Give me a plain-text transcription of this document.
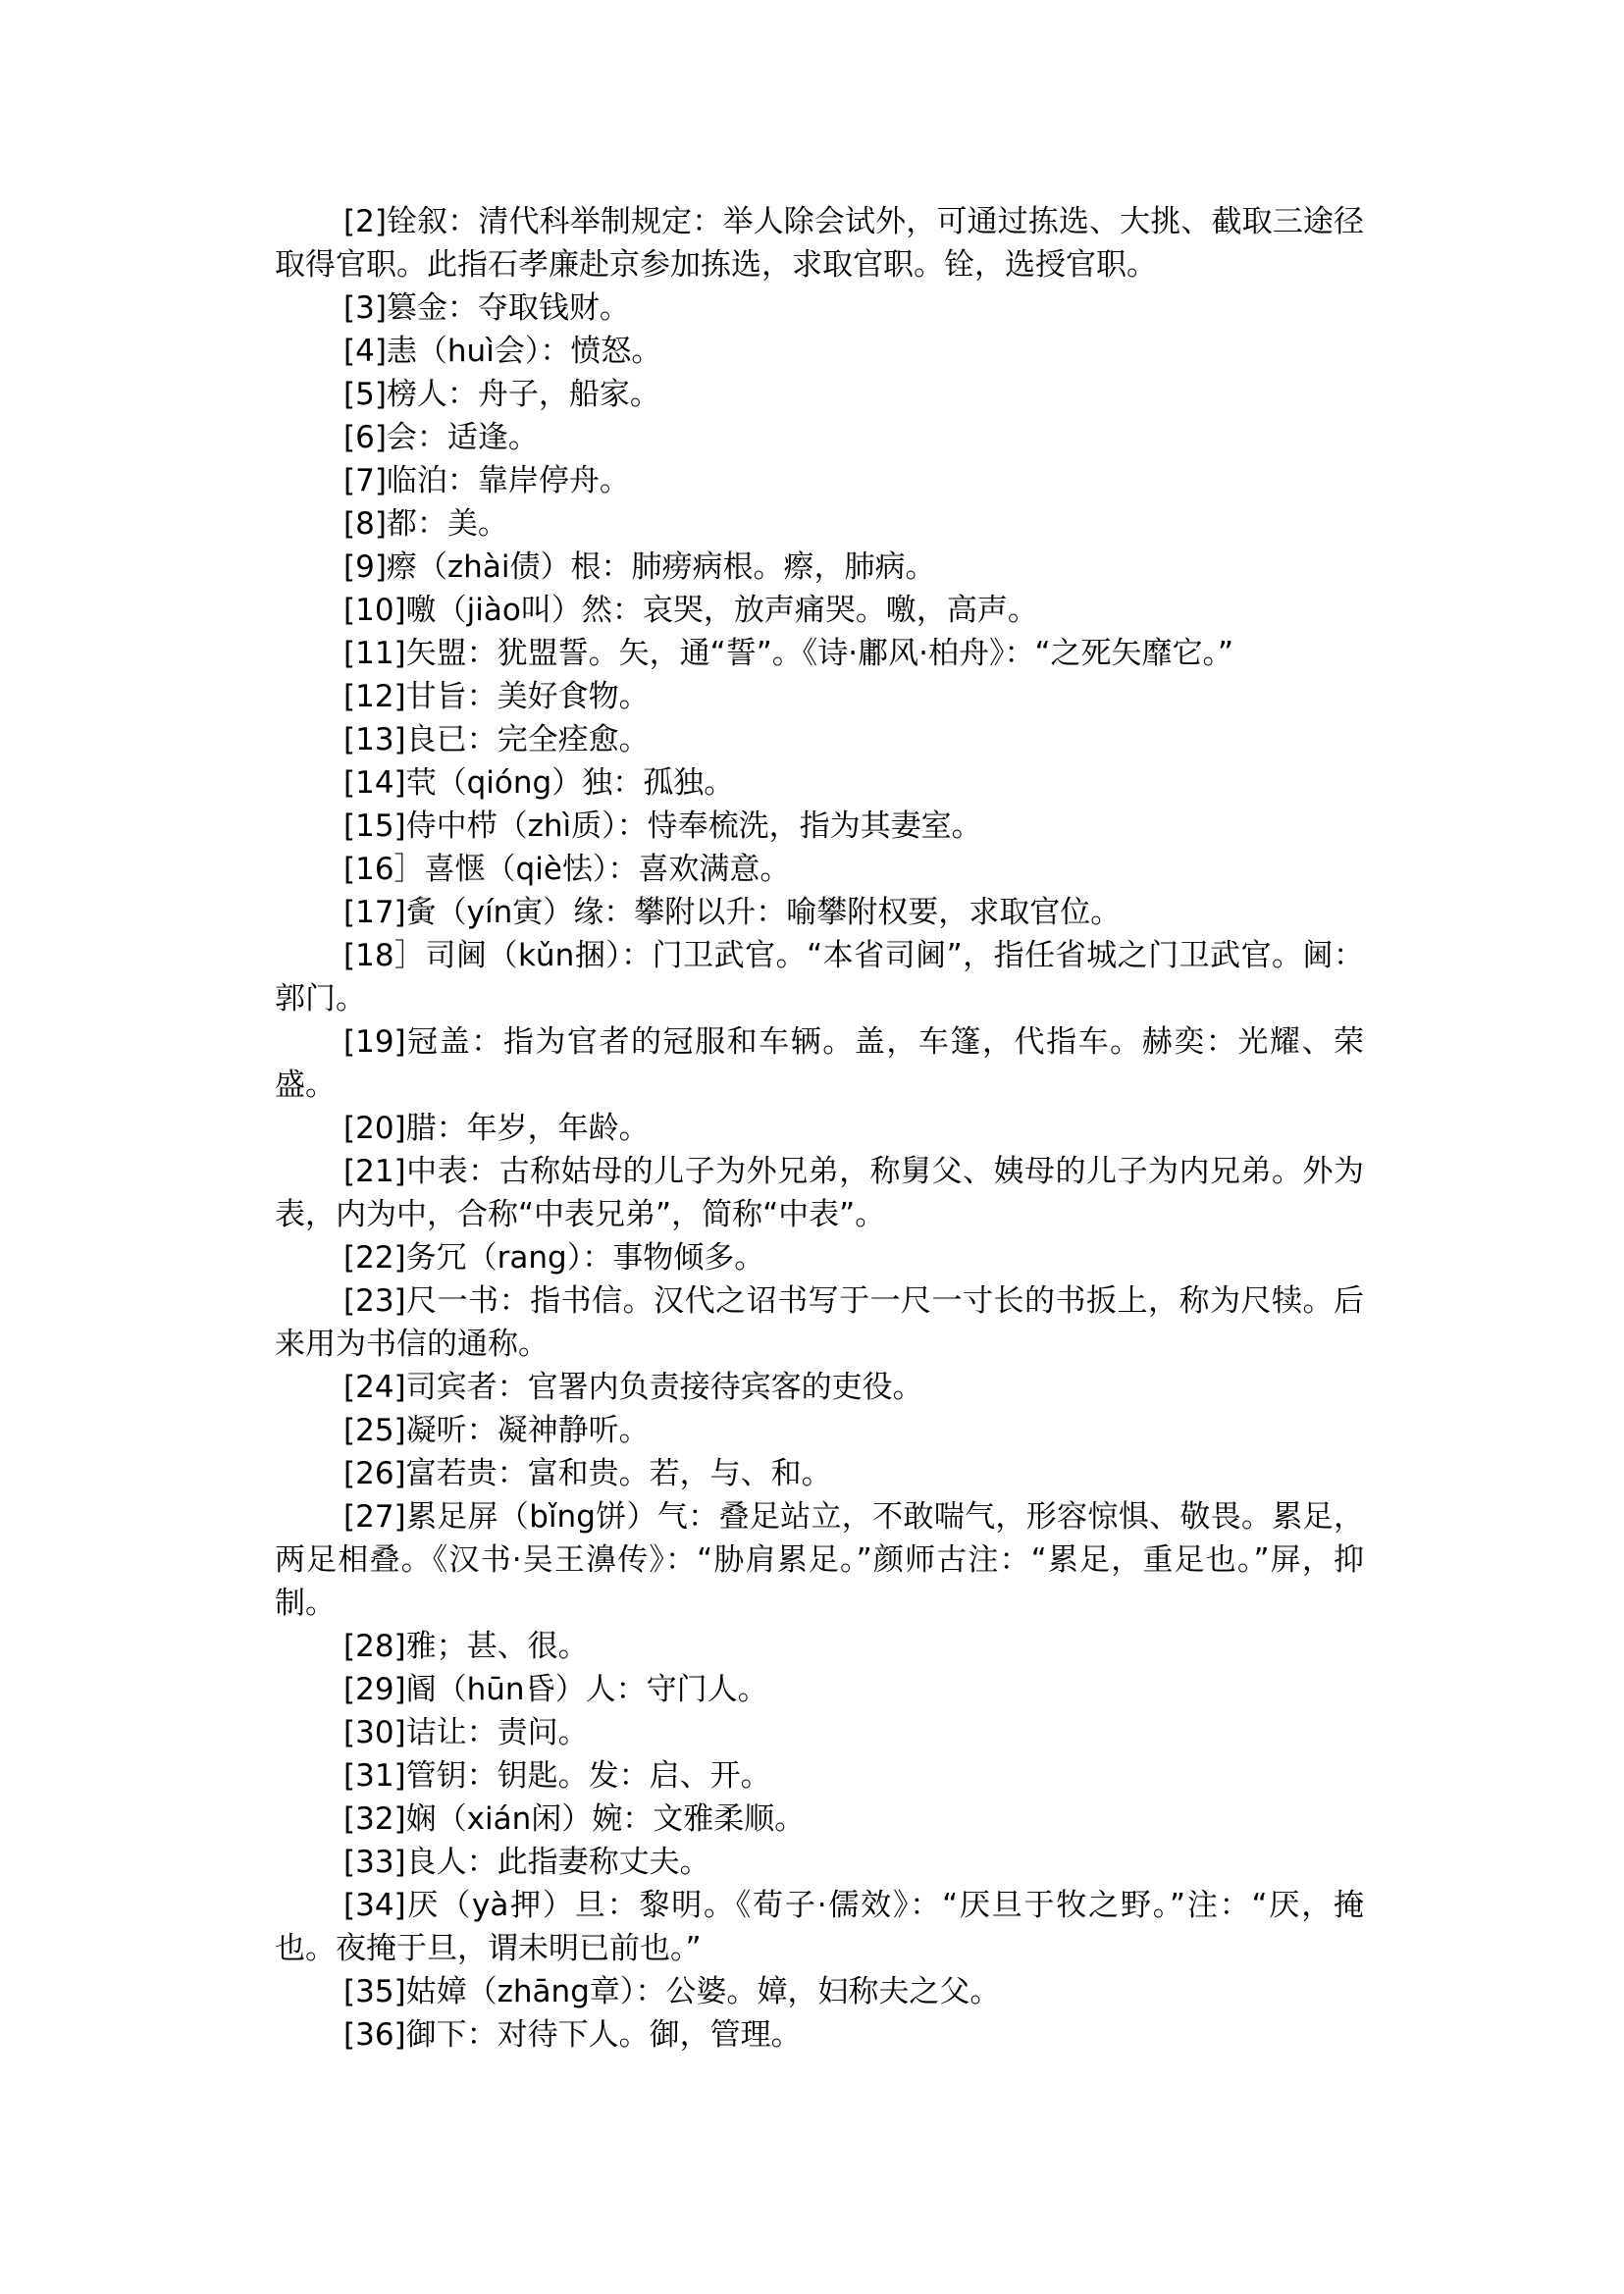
[2]铨叙：清代科举制规定：举人除会试外，可通过拣选、大挑、截取三途径取得官职。此指石孝廉赴京参加拣选，求取官职。铨，选授官职。

[3]篡金：夺取钱财。

[4]恚（huì会）：愤怒。

[5]榜人：舟子，船家。

[6]会：适逢。

[7]临泊：靠岸停舟。

[8]都：美。

[9]瘵（zhài债）根：肺痨病根。瘵，肺病。

[10]噭（jiào叫）然：哀哭，放声痛哭。噭，高声。

[11]矢盟：犹盟誓。矢，通“誓”。《诗·鄘风·柏舟》：“之死矢靡它。”

[12]甘旨：美好食物。

[13]良已：完全痊愈。

[14]茕（qióng）独：孤独。

[15]侍中栉（zhì质）：恃奉梳洗，指为其妻室。

[16］喜惬（qiè怯）：喜欢满意。

[17]夤（yín寅）缘：攀附以升：喻攀附权要，求取官位。

[18］司阃（kǔn捆）：门卫武官。“本省司阃”，指任省城之门卫武官。阃：郭门。

[19]冠盖：指为官者的冠服和车辆。盖，车篷，代指车。赫奕：光耀、荣盛。

[20]腊：年岁，年龄。

[21]中表：古称姑母的儿子为外兄弟，称舅父、姨母的儿子为内兄弟。外为表，内为中，合称“中表兄弟”，简称“中表”。

[22]务冗（rang）：事物倾多。

[23]尺一书：指书信。汉代之诏书写于一尺一寸长的书扳上，称为尺犊。后来用为书信的通称。

[24]司宾者：官署内负责接待宾客的吏役。

[25]凝听：凝神静听。

[26]富若贵：富和贵。若，与、和。

[27]累足屏（bǐng饼）气：叠足站立，不敢喘气，形容惊惧、敬畏。累足，两足相叠。《汉书·吴王濞传》：“胁肩累足。”颜师古注：“累足，重足也。”屏，抑制。

[28]雅；甚、很。

[29]阍（hūn昏）人：守门人。

[30]诘让：责问。

[31]管钥：钥匙。发：启、开。

[32]娴（xián闲）婉：文雅柔顺。

[33]良人：此指妻称丈夫。

[34]厌（yà押）旦：黎明。《荀子·儒效》：“厌旦于牧之野。”注：“厌，掩也。夜掩于旦，谓未明已前也。”

[35]姑嫜（zhāng章）：公婆。嫜，妇称夫之父。

[36]御下：对待下人。御，管理。
